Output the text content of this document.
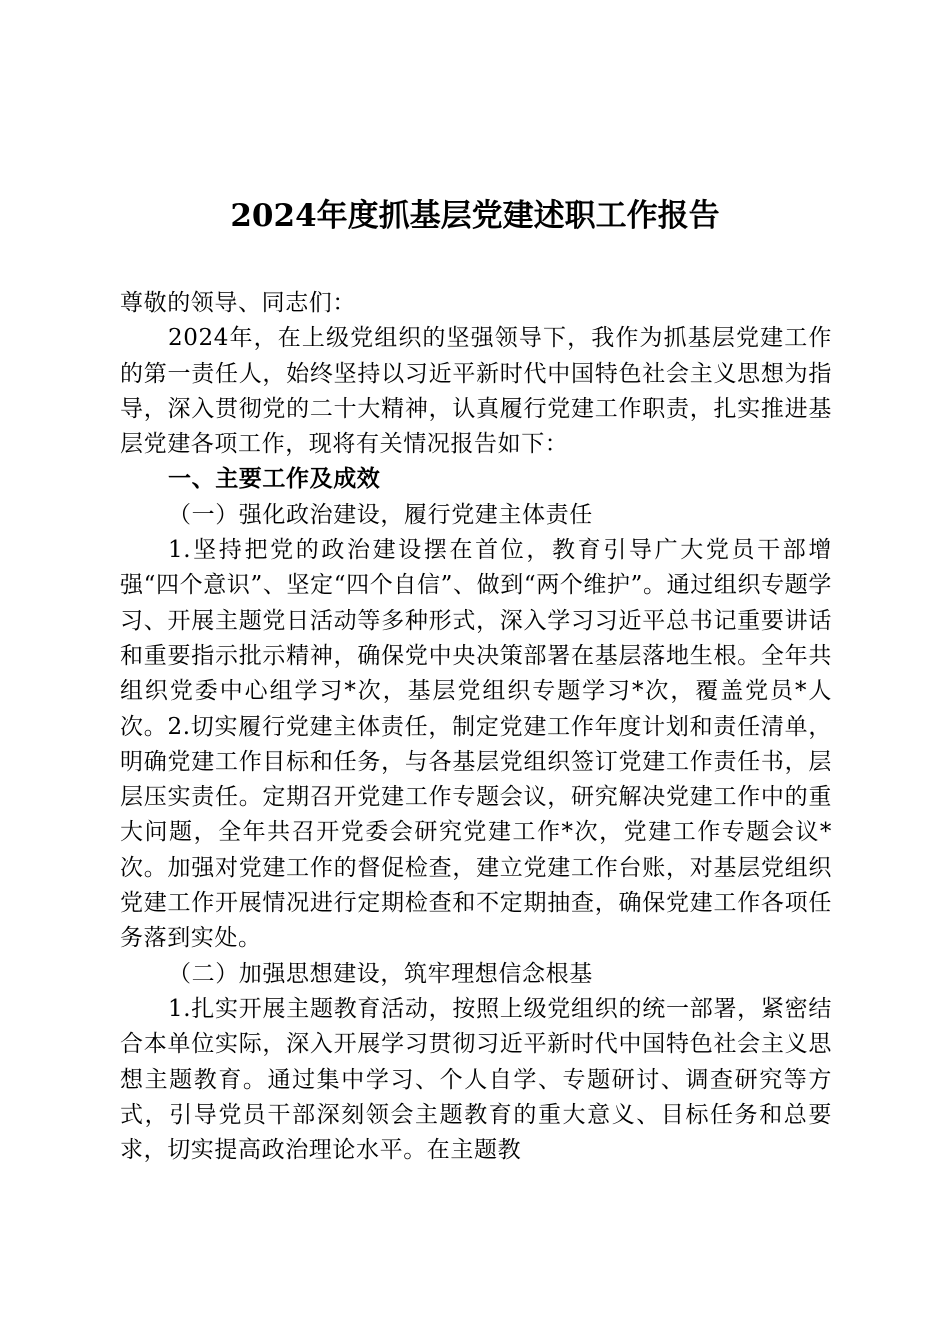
2024年度抓基层党建述职工作报告

尊敬的领导、同志们：

2024年，在上级党组织的坚强领导下，我作为抓基层党建工作的第一责任人，始终坚持以习近平新时代中国特色社会主义思想为指导，深入贯彻党的二十大精神，认真履行党建工作职责，扎实推进基层党建各项工作，现将有关情况报告如下：

一、主要工作及成效

（一）强化政治建设，履行党建主体责任

1.坚持把党的政治建设摆在首位，教育引导广大党员干部增强“四个意识”、坚定“四个自信”、做到“两个维护”。通过组织专题学习、开展主题党日活动等多种形式，深入学习习近平总书记重要讲话和重要指示批示精神，确保党中央决策部署在基层落地生根。全年共组织党委中心组学习*次，基层党组织专题学习*次，覆盖党员*人次。2.切实履行党建主体责任，制定党建工作年度计划和责任清单，明确党建工作目标和任务，与各基层党组织签订党建工作责任书，层层压实责任。定期召开党建工作专题会议，研究解决党建工作中的重大问题，全年共召开党委会研究党建工作*次，党建工作专题会议*次。加强对党建工作的督促检查，建立党建工作台账，对基层党组织党建工作开展情况进行定期检查和不定期抽查，确保党建工作各项任务落到实处。

（二）加强思想建设，筑牢理想信念根基

1.扎实开展主题教育活动，按照上级党组织的统一部署，紧密结合本单位实际，深入开展学习贯彻习近平新时代中国特色社会主义思想主题教育。通过集中学习、个人自学、专题研讨、调查研究等方式，引导党员干部深刻领会主题教育的重大意义、目标任务和总要求，切实提高政治理论水平。在主题教
